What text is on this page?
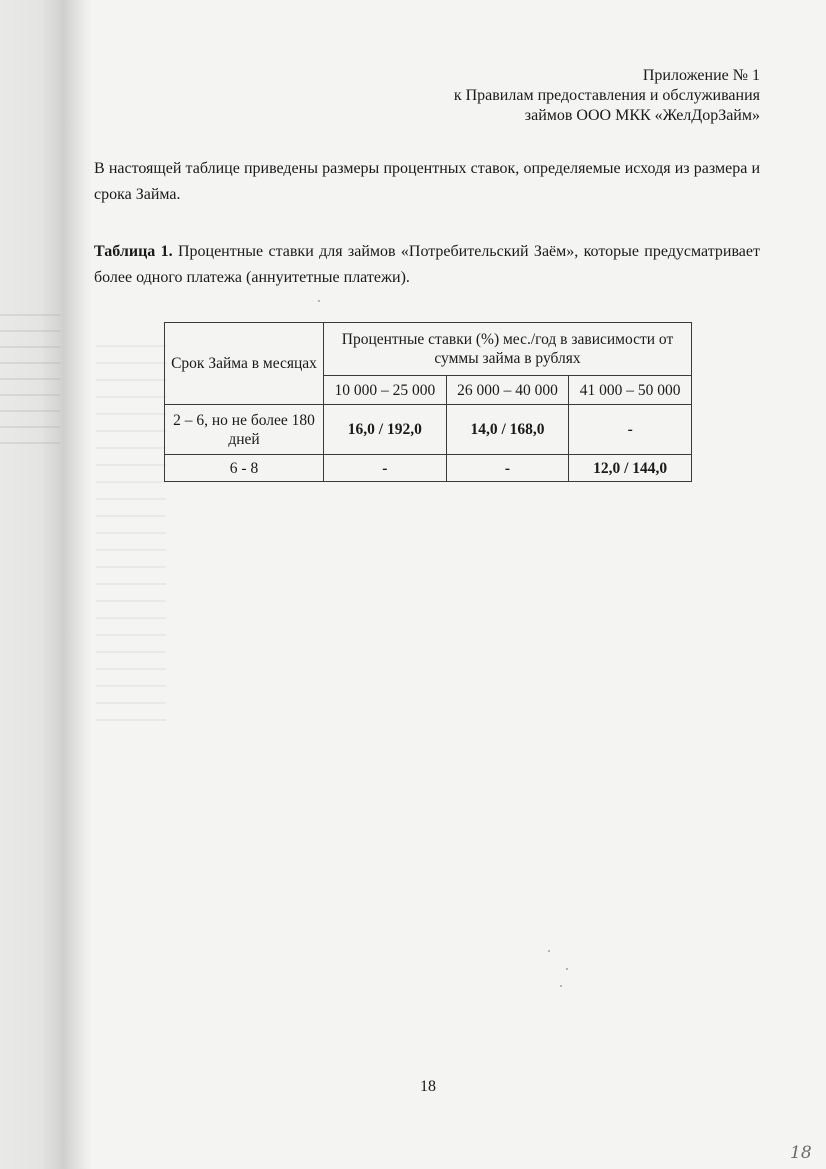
Приложение № 1
к Правилам предоставления и обслуживания
займов ООО МКК «ЖелДорЗайм»

В настоящей таблице приведены размеры процентных ставок, определяемые исходя из размера и срока Займа.

Таблица 1. Процентные ставки для займов «Потребительский Заём», которые предусматривает более одного платежа (аннуитетные платежи).

Срок Займа в месяцах	Процентные ставки (%) мес./год в зависимости от суммы займа в рублях		
	10 000 – 25 000	26 000 – 40 000	41 000 – 50 000
2 – 6, но не более 180 дней	16,0 / 192,0	14,0 / 168,0	-
6 - 8	-	-	12,0 / 144,0
18
18
